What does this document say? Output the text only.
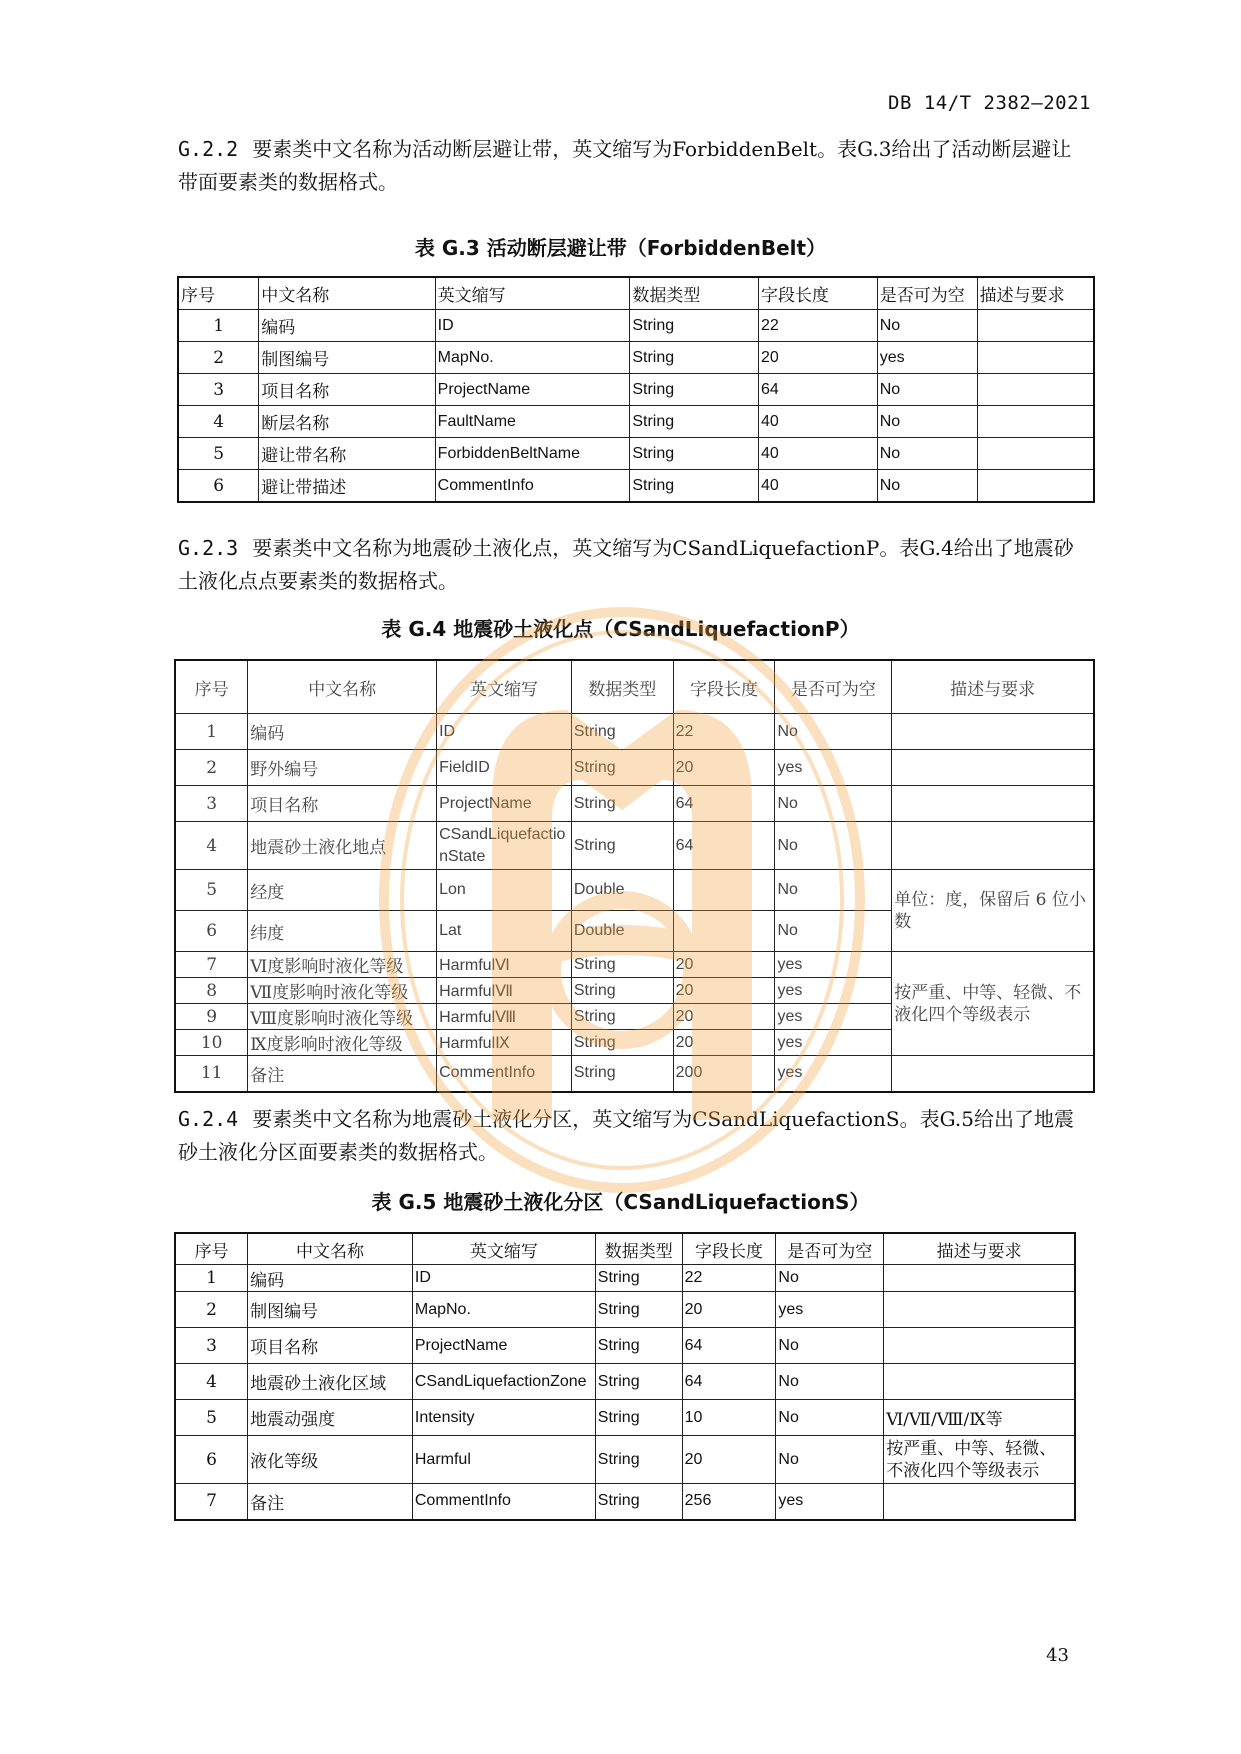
DB 14/T 2382—2021
G.2.2 要素类中文名称为活动断层避让带，英文缩写为ForbiddenBelt。表G.3给出了活动断层避让带面要素类的数据格式。
表 G.3 活动断层避让带（ForbiddenBelt）
序号	中文名称	英文缩写	数据类型	字段长度	是否可为空	描述与要求
1	编码	ID	String	22	No	
2	制图编号	MapNo.	String	20	yes	
3	项目名称	ProjectName	String	64	No	
4	断层名称	FaultName	String	40	No	
5	避让带名称	ForbiddenBeltName	String	40	No	
6	避让带描述	CommentInfo	String	40	No	
G.2.3 要素类中文名称为地震砂土液化点，英文缩写为CSandLiquefactionP。表G.4给出了地震砂土液化点点要素类的数据格式。
表 G.4 地震砂土液化点（CSandLiquefactionP）
序号	中文名称	英文缩写	数据类型	字段长度	是否可为空	描述与要求
1	编码	ID	String	22	No	
2	野外编号	FieldID	String	20	yes	
3	项目名称	ProjectName	String	64	No	
4	地震砂土液化地点	CSandLiquefactionState	String	64	No	
5	经度	Lon	Double		No	单位：度，保留后 6 位小数
6	纬度	Lat	Double		No	
7	Ⅵ度影响时液化等级	HarmfulⅥ	String	20	yes	按严重、中等、轻微、不液化四个等级表示
8	Ⅶ度影响时液化等级	HarmfulⅦ	String	20	yes	
9	Ⅷ度影响时液化等级	HarmfulⅧ	String	20	yes	
10	Ⅸ度影响时液化等级	HarmfulⅨ	String	20	yes	
11	备注	CommentInfo	String	200	yes	
G.2.4 要素类中文名称为地震砂土液化分区，英文缩写为CSandLiquefactionS。表G.5给出了地震砂土液化分区面要素类的数据格式。
表 G.5 地震砂土液化分区（CSandLiquefactionS）
序号	中文名称	英文缩写	数据类型	字段长度	是否可为空	描述与要求
1	编码	ID	String	22	No	
2	制图编号	MapNo.	String	20	yes	
3	项目名称	ProjectName	String	64	No	
4	地震砂土液化区域	CSandLiquefactionZone	String	64	No	
5	地震动强度	Intensity	String	10	No	Ⅵ/Ⅶ/Ⅷ/Ⅸ等
6	液化等级	Harmful	String	20	No	按严重、中等、轻微、不液化四个等级表示
7	备注	CommentInfo	String	256	yes	
43
